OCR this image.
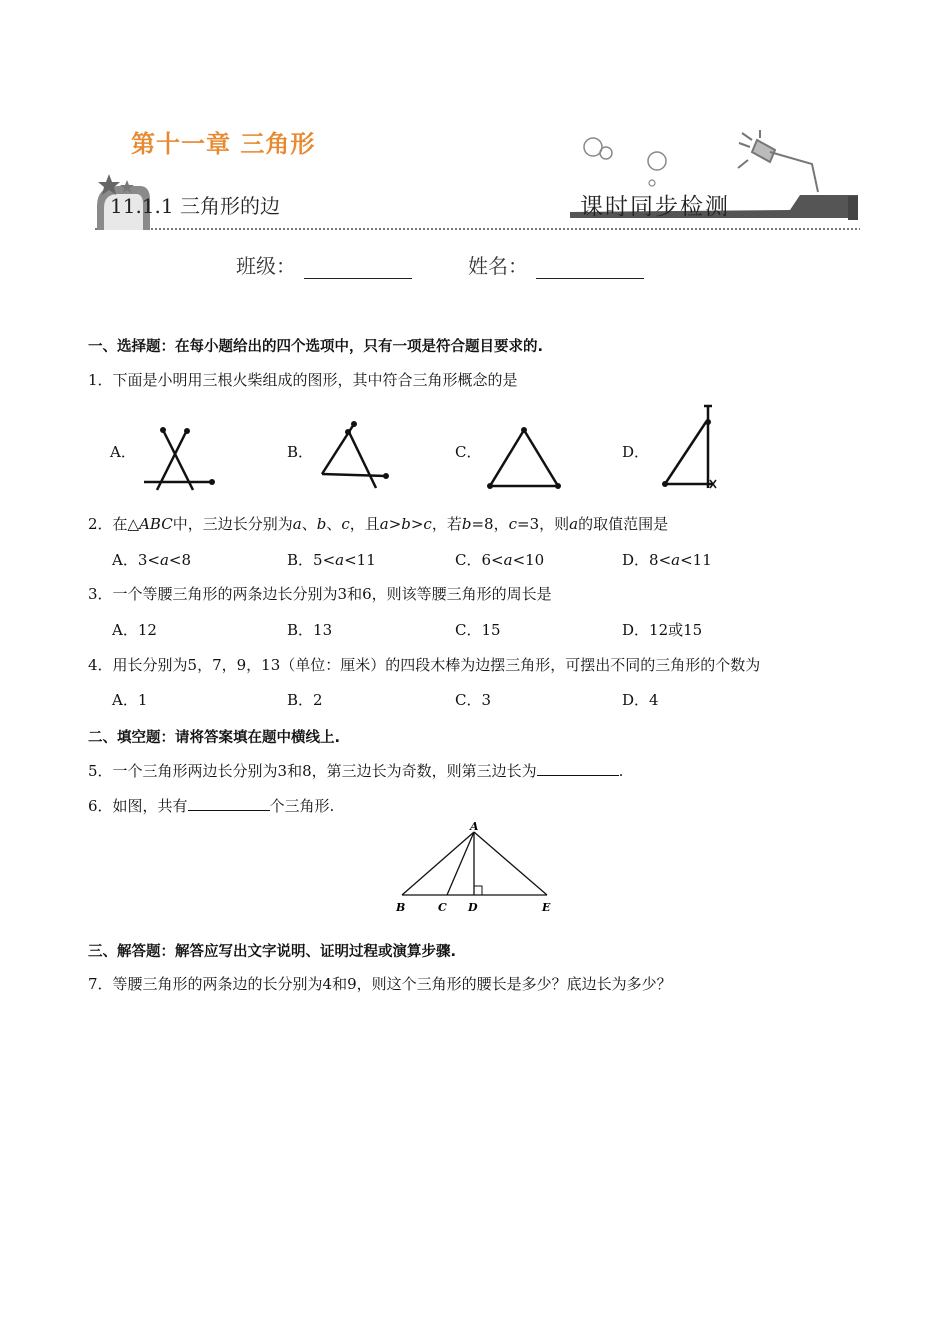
第十一章 三角形
11.1.1 三角形的边	课时同步检测
班级：	姓名：
一、选择题：在每小题给出的四个选项中，只有一项是符合题目要求的.
1．下面是小明用三根火柴组成的图形，其中符合三角形概念的是
A．	B．	C．	D．
2．在△ABC中，三边长分别为a、b、c，且a>b>c，若b=8，c=3，则a的取值范围是
A．3<a<8	B．5<a<11	C．6<a<10	D．8<a<11
3．一个等腰三角形的两条边长分别为3和6，则该等腰三角形的周长是
A．12	B．13	C．15	D．12或15
4．用长分别为5，7，9，13（单位：厘米）的四段木棒为边摆三角形，可摆出不同的三角形的个数为
A．1	B．2	C．3	D．4
二、填空题：请将答案填在题中横线上.
5．一个三角形两边长分别为3和8，第三边长为奇数，则第三边长为	.
6．如图，共有	个三角形.
A
B	C D	E
三、解答题：解答应写出文字说明、证明过程或演算步骤.
7．等腰三角形的两条边的长分别为4和9，则这个三角形的腰长是多少？底边长为多少？
